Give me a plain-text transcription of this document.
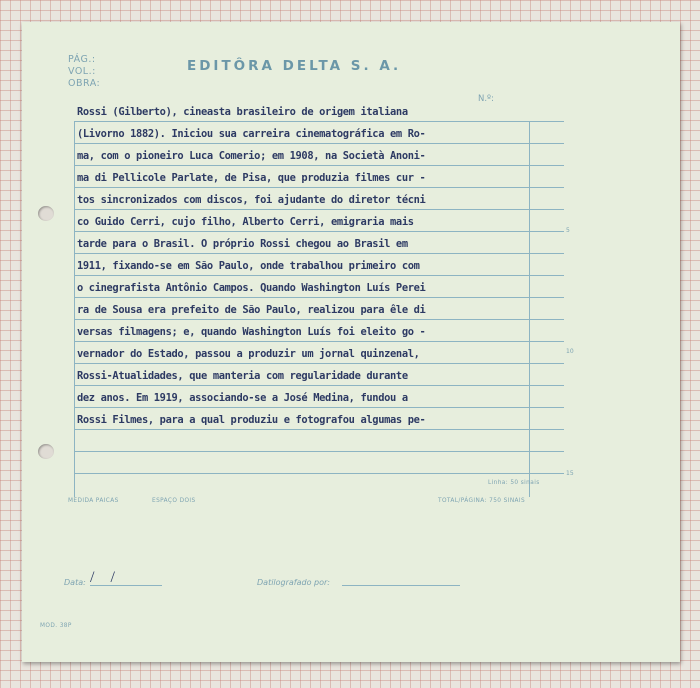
PÁG.:
VOL.:
OBRA:
EDITÔRA DELTA S. A.
N.º:
5
10
15
Rossi (Gilberto), cineasta brasileiro de origem italiana
(Livorno 1882). Iniciou sua carreira cinematográfica em Ro-
ma, com o pioneiro Luca Comerio; em 1908, na Società Anoni-
ma di Pellicole Parlate, de Pisa, que produzia filmes cur -
tos sincronizados com discos, foi ajudante do diretor técni
co Guido Cerri, cujo filho, Alberto Cerri, emigraria mais
tarde para o Brasil. O próprio Rossi chegou ao Brasil em
1911, fixando-se em São Paulo, onde trabalhou primeiro com
o cinegrafista Antônio Campos. Quando Washington Luís Perei
ra de Sousa era prefeito de São Paulo, realizou para êle di
versas filmagens; e, quando Washington Luís foi eleito go -
vernador do Estado, passou a produzir um jornal quinzenal,
Rossi-Atualidades, que manteria com regularidade durante
dez anos. Em 1919, associando-se a José Medina, fundou a
Rossi Filmes, para a qual produziu e fotografou algumas pe-
Linha: 50 sinais
MEDIDA PAICAS	ESPAÇO DOIS	TOTAL/PÁGINA: 750 SINAIS
Data: / /	Datilografado por:
MOD. 38P
